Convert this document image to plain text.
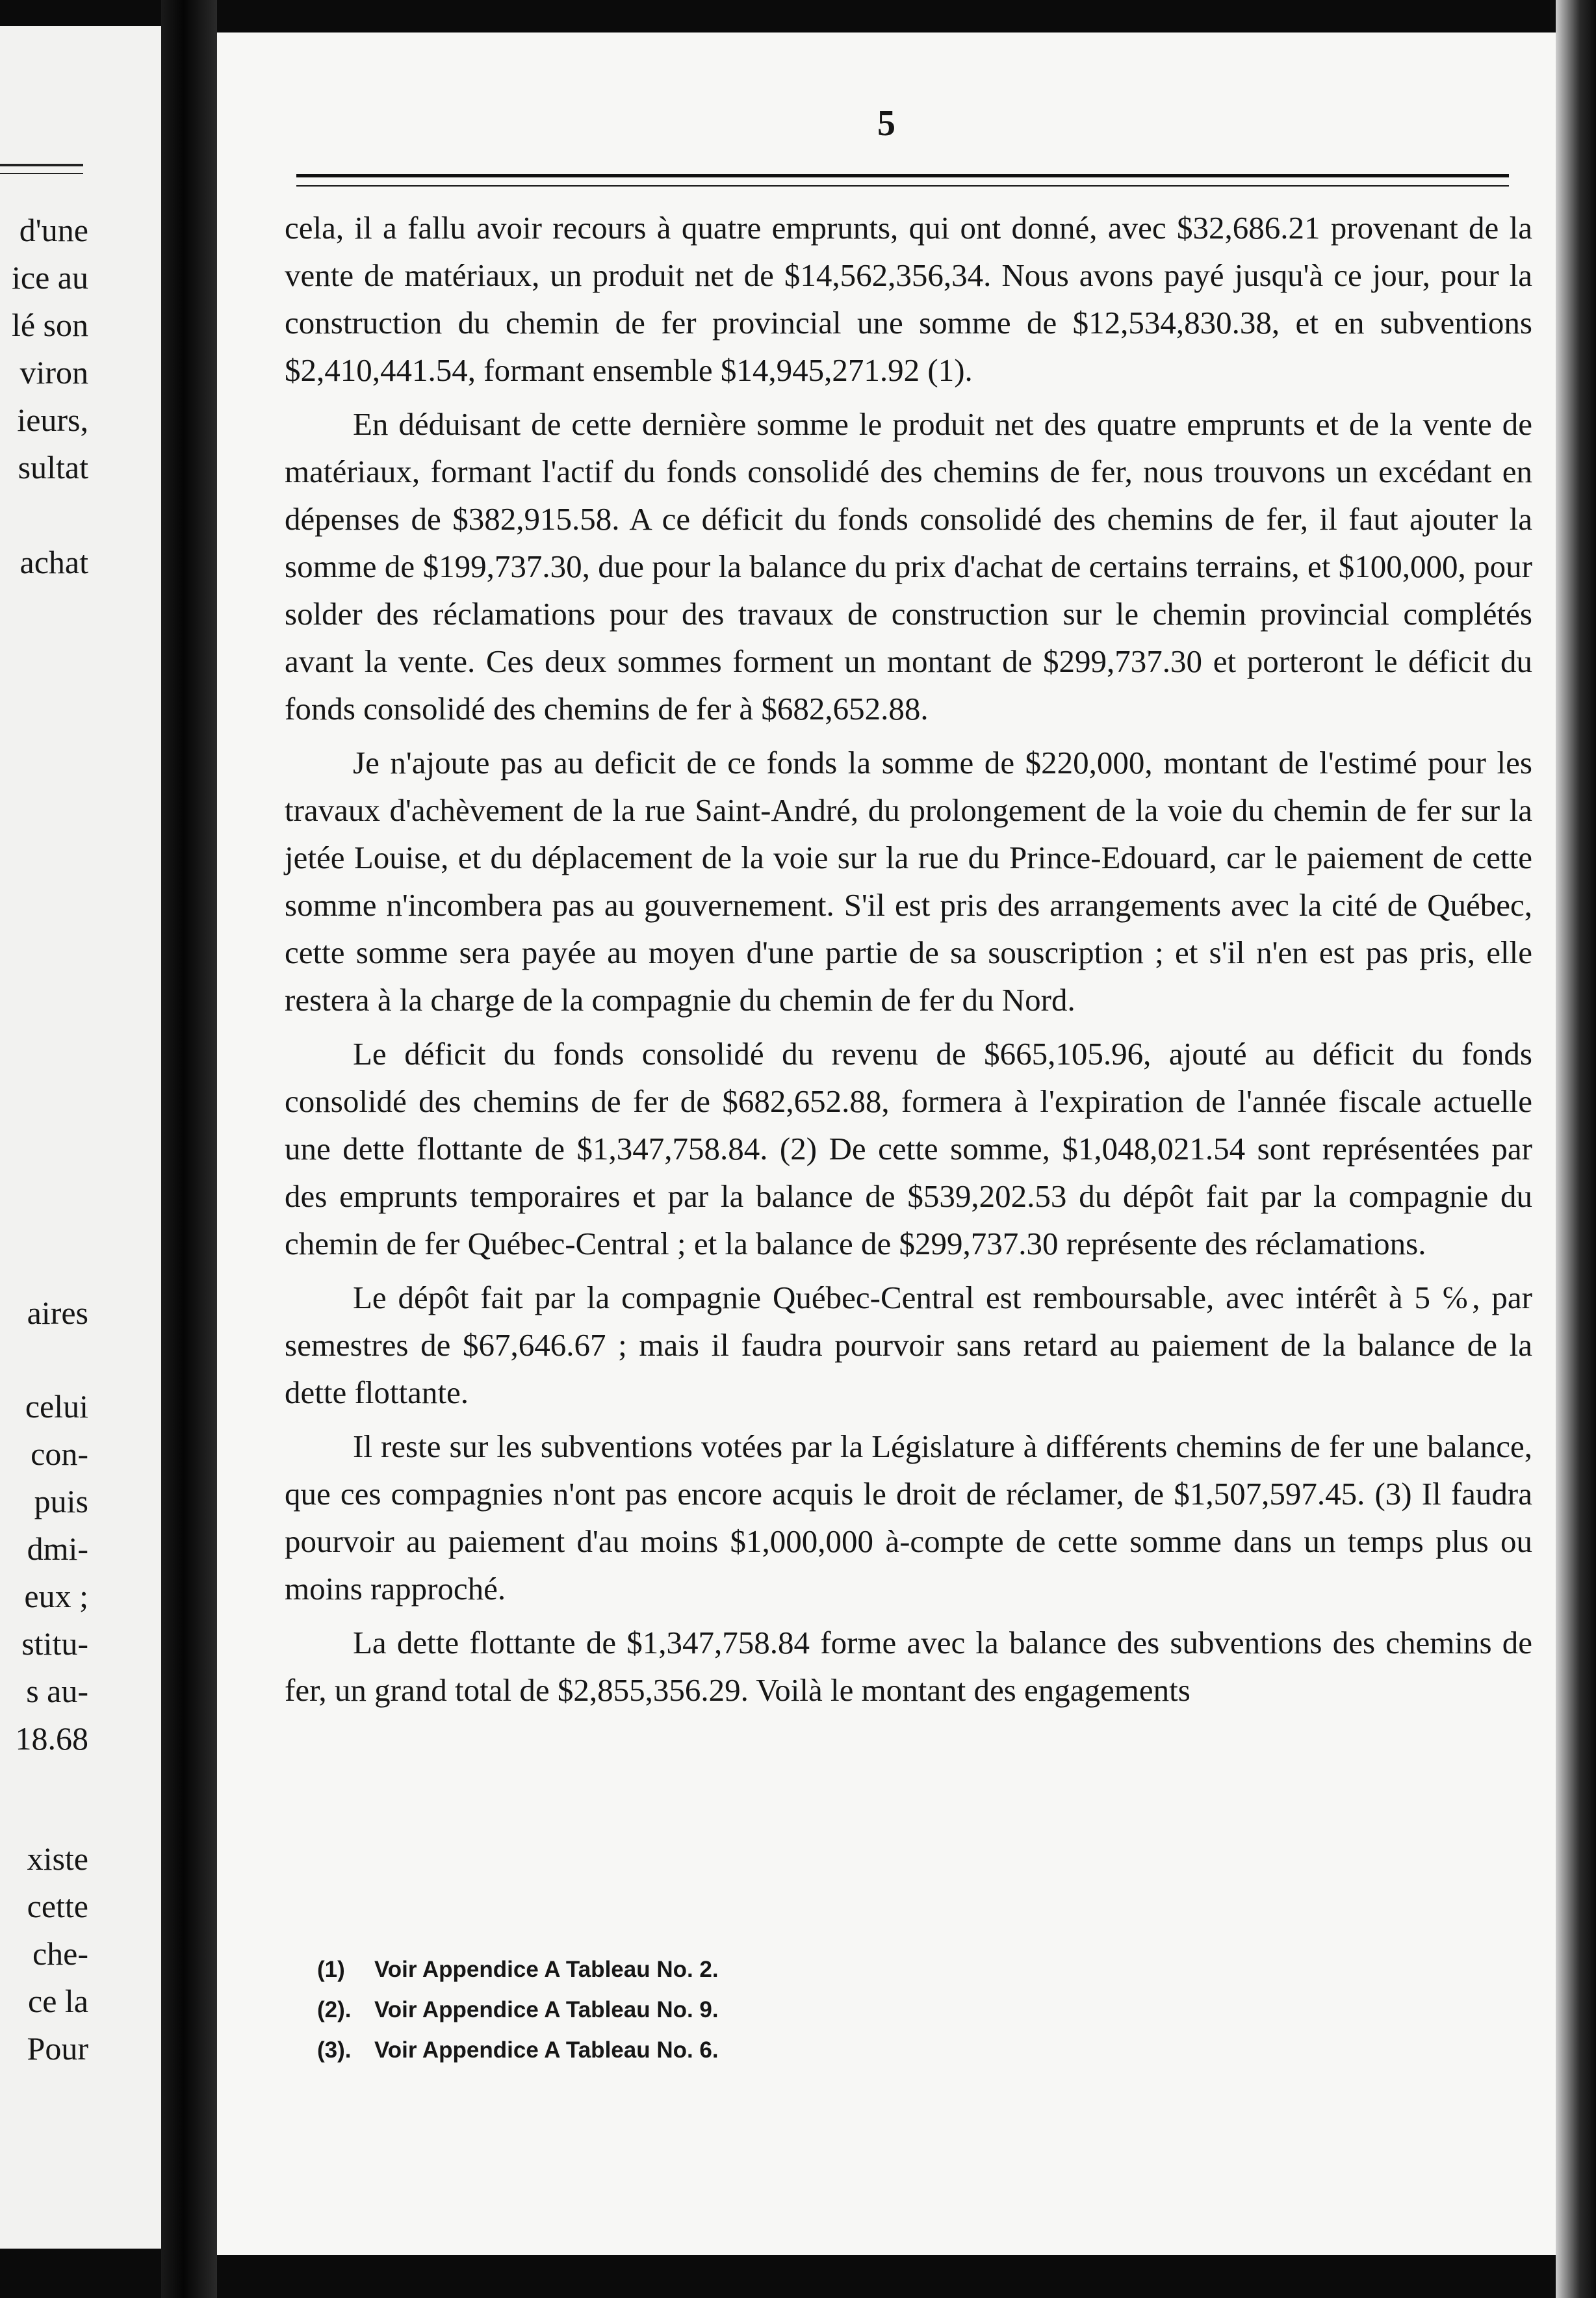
d'une
ice au
lé son
viron
ieurs,
sultat
achat
aires
celui
con-
puis
dmi-
eux ;
stitu-
s au-
18.68
xiste
cette
che-
ce la
Pour
5

cela, il a fallu avoir recours à quatre emprunts, qui ont donné, avec $32,686.21 provenant de la vente de matériaux, un produit net de $14,562,356,34. Nous avons payé jusqu'à ce jour, pour la construction du chemin de fer provincial une somme de $12,534,830.38, et en subventions $2,410,441.54, formant ensemble $14,945,271.92 (1).

En déduisant de cette dernière somme le produit net des quatre emprunts et de la vente de matériaux, formant l'actif du fonds consolidé des chemins de fer, nous trouvons un excédant en dépenses de $382,915.58. A ce déficit du fonds consolidé des chemins de fer, il faut ajouter la somme de $199,737.30, due pour la balance du prix d'achat de certains terrains, et $100,000, pour solder des réclamations pour des travaux de construction sur le chemin provincial complétés avant la vente. Ces deux sommes forment un montant de $299,737.30 et porteront le déficit du fonds consolidé des chemins de fer à $682,652.88.

Je n'ajoute pas au deficit de ce fonds la somme de $220,000, montant de l'estimé pour les travaux d'achèvement de la rue Saint-André, du prolongement de la voie du chemin de fer sur la jetée Louise, et du déplacement de la voie sur la rue du Prince-Edouard, car le paiement de cette somme n'incombera pas au gouvernement. S'il est pris des arrangements avec la cité de Québec, cette somme sera payée au moyen d'une partie de sa souscription ; et s'il n'en est pas pris, elle restera à la charge de la compagnie du chemin de fer du Nord.

Le déficit du fonds consolidé du revenu de $665,105.96, ajouté au déficit du fonds consolidé des chemins de fer de $682,652.88, formera à l'expiration de l'année fiscale actuelle une dette flottante de $1,347,758.84. (2) De cette somme, $1,048,021.54 sont représentées par des emprunts temporaires et par la balance de $539,202.53 du dépôt fait par la compagnie du chemin de fer Québec-Central ; et la balance de $299,737.30 représente des réclamations.

Le dépôt fait par la compagnie Québec-Central est remboursable, avec intérêt à 5 ℅, par semestres de $67,646.67 ; mais il faudra pourvoir sans retard au paiement de la balance de la dette flottante.

Il reste sur les subventions votées par la Législature à différents chemins de fer une balance, que ces compagnies n'ont pas encore acquis le droit de réclamer, de $1,507,597.45. (3) Il faudra pourvoir au paiement d'au moins $1,000,000 à-compte de cette somme dans un temps plus ou moins rapproché.

La dette flottante de $1,347,758.84 forme avec la balance des subventions des chemins de fer, un grand total de $2,855,356.29. Voilà le montant des engagements

(1) Voir Appendice A Tableau No. 2.
(2). Voir Appendice A Tableau No. 9.
(3). Voir Appendice A Tableau No. 6.
